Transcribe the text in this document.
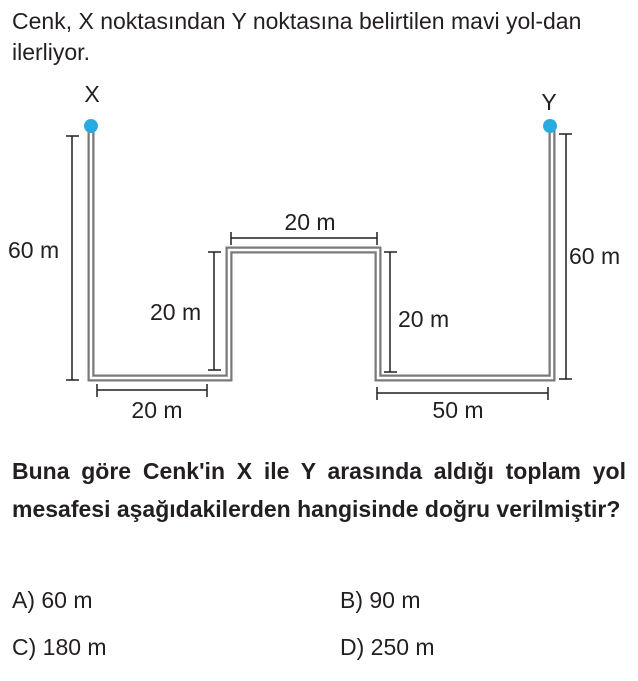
Cenk, X noktasından Y noktasına belirtilen mavi yol-dan ilerliyor.

X	Y
60 m
20 m
20 m
20 m
20 m
50 m
60 m

Buna göre Cenk'in X ile Y arasında aldığı toplam yol mesafesi aşağıdakilerden hangisinde doğru verilmiştir?

A) 60 m	B) 90 m
C) 180 m	D) 250 m
